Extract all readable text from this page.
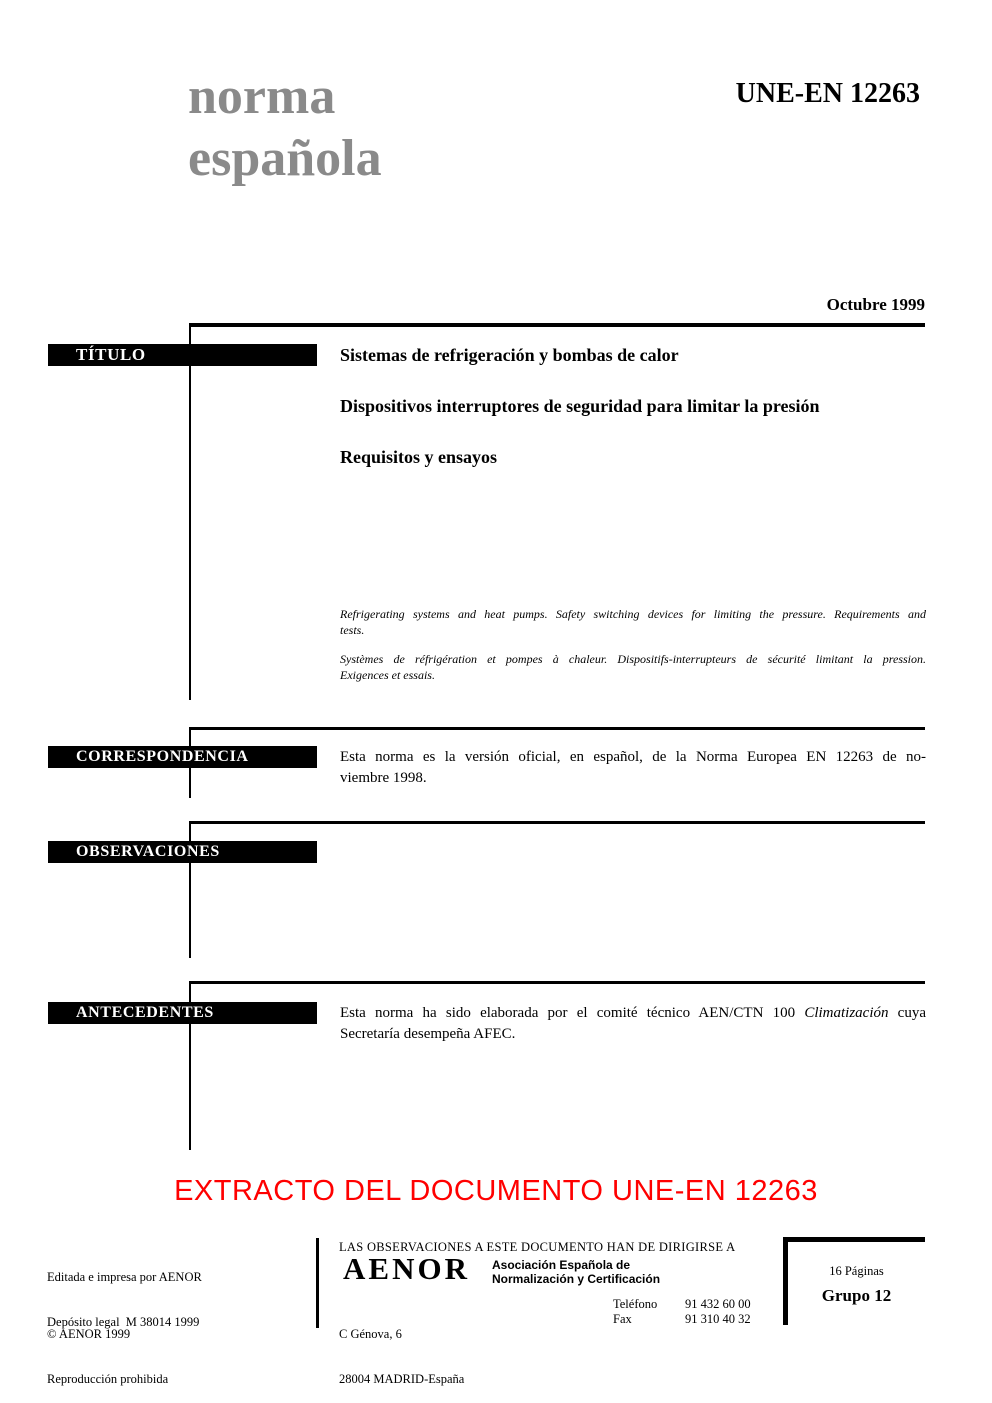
norma
española
UNE-EN 12263
Octubre 1999
TÍTULO	Sistemas de refrigeración y bombas de calor
Dispositivos interruptores de seguridad para limitar la presión
Requisitos y ensayos
Refrigerating systems and heat pumps. Safety switching devices for limiting the pressure. Requirements and
tests.
Systèmes de réfrigération et pompes à chaleur. Dispositifs-interrupteurs de sécurité limitant la pression.
Exigences et essais.
CORRESPONDENCIA	Esta norma es la versión oficial, en español, de la Norma Europea EN 12263 de no-
viembre 1998.
OBSERVACIONES
ANTECEDENTES	Esta norma ha sido elaborada por el comité técnico AEN/CTN 100 Climatización cuya
Secretaría desempeña AFEC.
EXTRACTO DEL DOCUMENTO UNE-EN 12263

Editada e impresa por AENOR

Depósito legal  M 38014 1999

© AENOR 1999

Reproducción prohibida

LAS OBSERVACIONES A ESTE DOCUMENTO HAN DE DIRIGIRSE A
AENOR Asociación Española de
Normalización y Certificación

C Génova, 6

28004 MADRID-España

Teléfono	91 432 60 00
Fax	91 310 40 32
16 Páginas
Grupo 12
